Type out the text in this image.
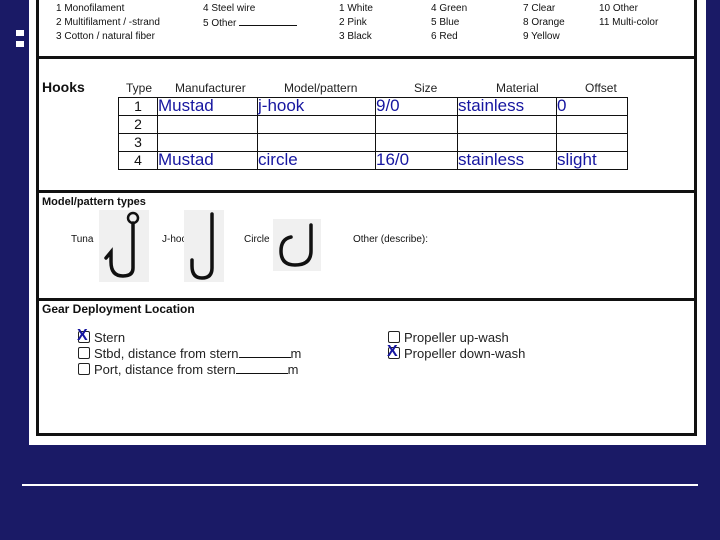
1 Monofilament
2 Multifilament / -strand
3 Cotton / natural fiber
4 Steel wire
5 Other
1 White
2 Pink
3 Black
4 Green
5 Blue
6 Red
7 Clear
8 Orange
9 Yellow
10 Other
11 Multi-color
Hooks	Type Manufacturer	Model/pattern	Size	Material	Offset
Model/pattern types
Tuna	J-hook	Circle	Other (describe):
Gear Deployment Location
X Stern
Stbd, distance from stern	m
Port, distance from stern	m
Propeller up-wash
X Propeller down-wash
1	Mustad	j-hook	9/0	stainless	0
2					
3					
4	Mustad	circle	16/0	stainless	slight
